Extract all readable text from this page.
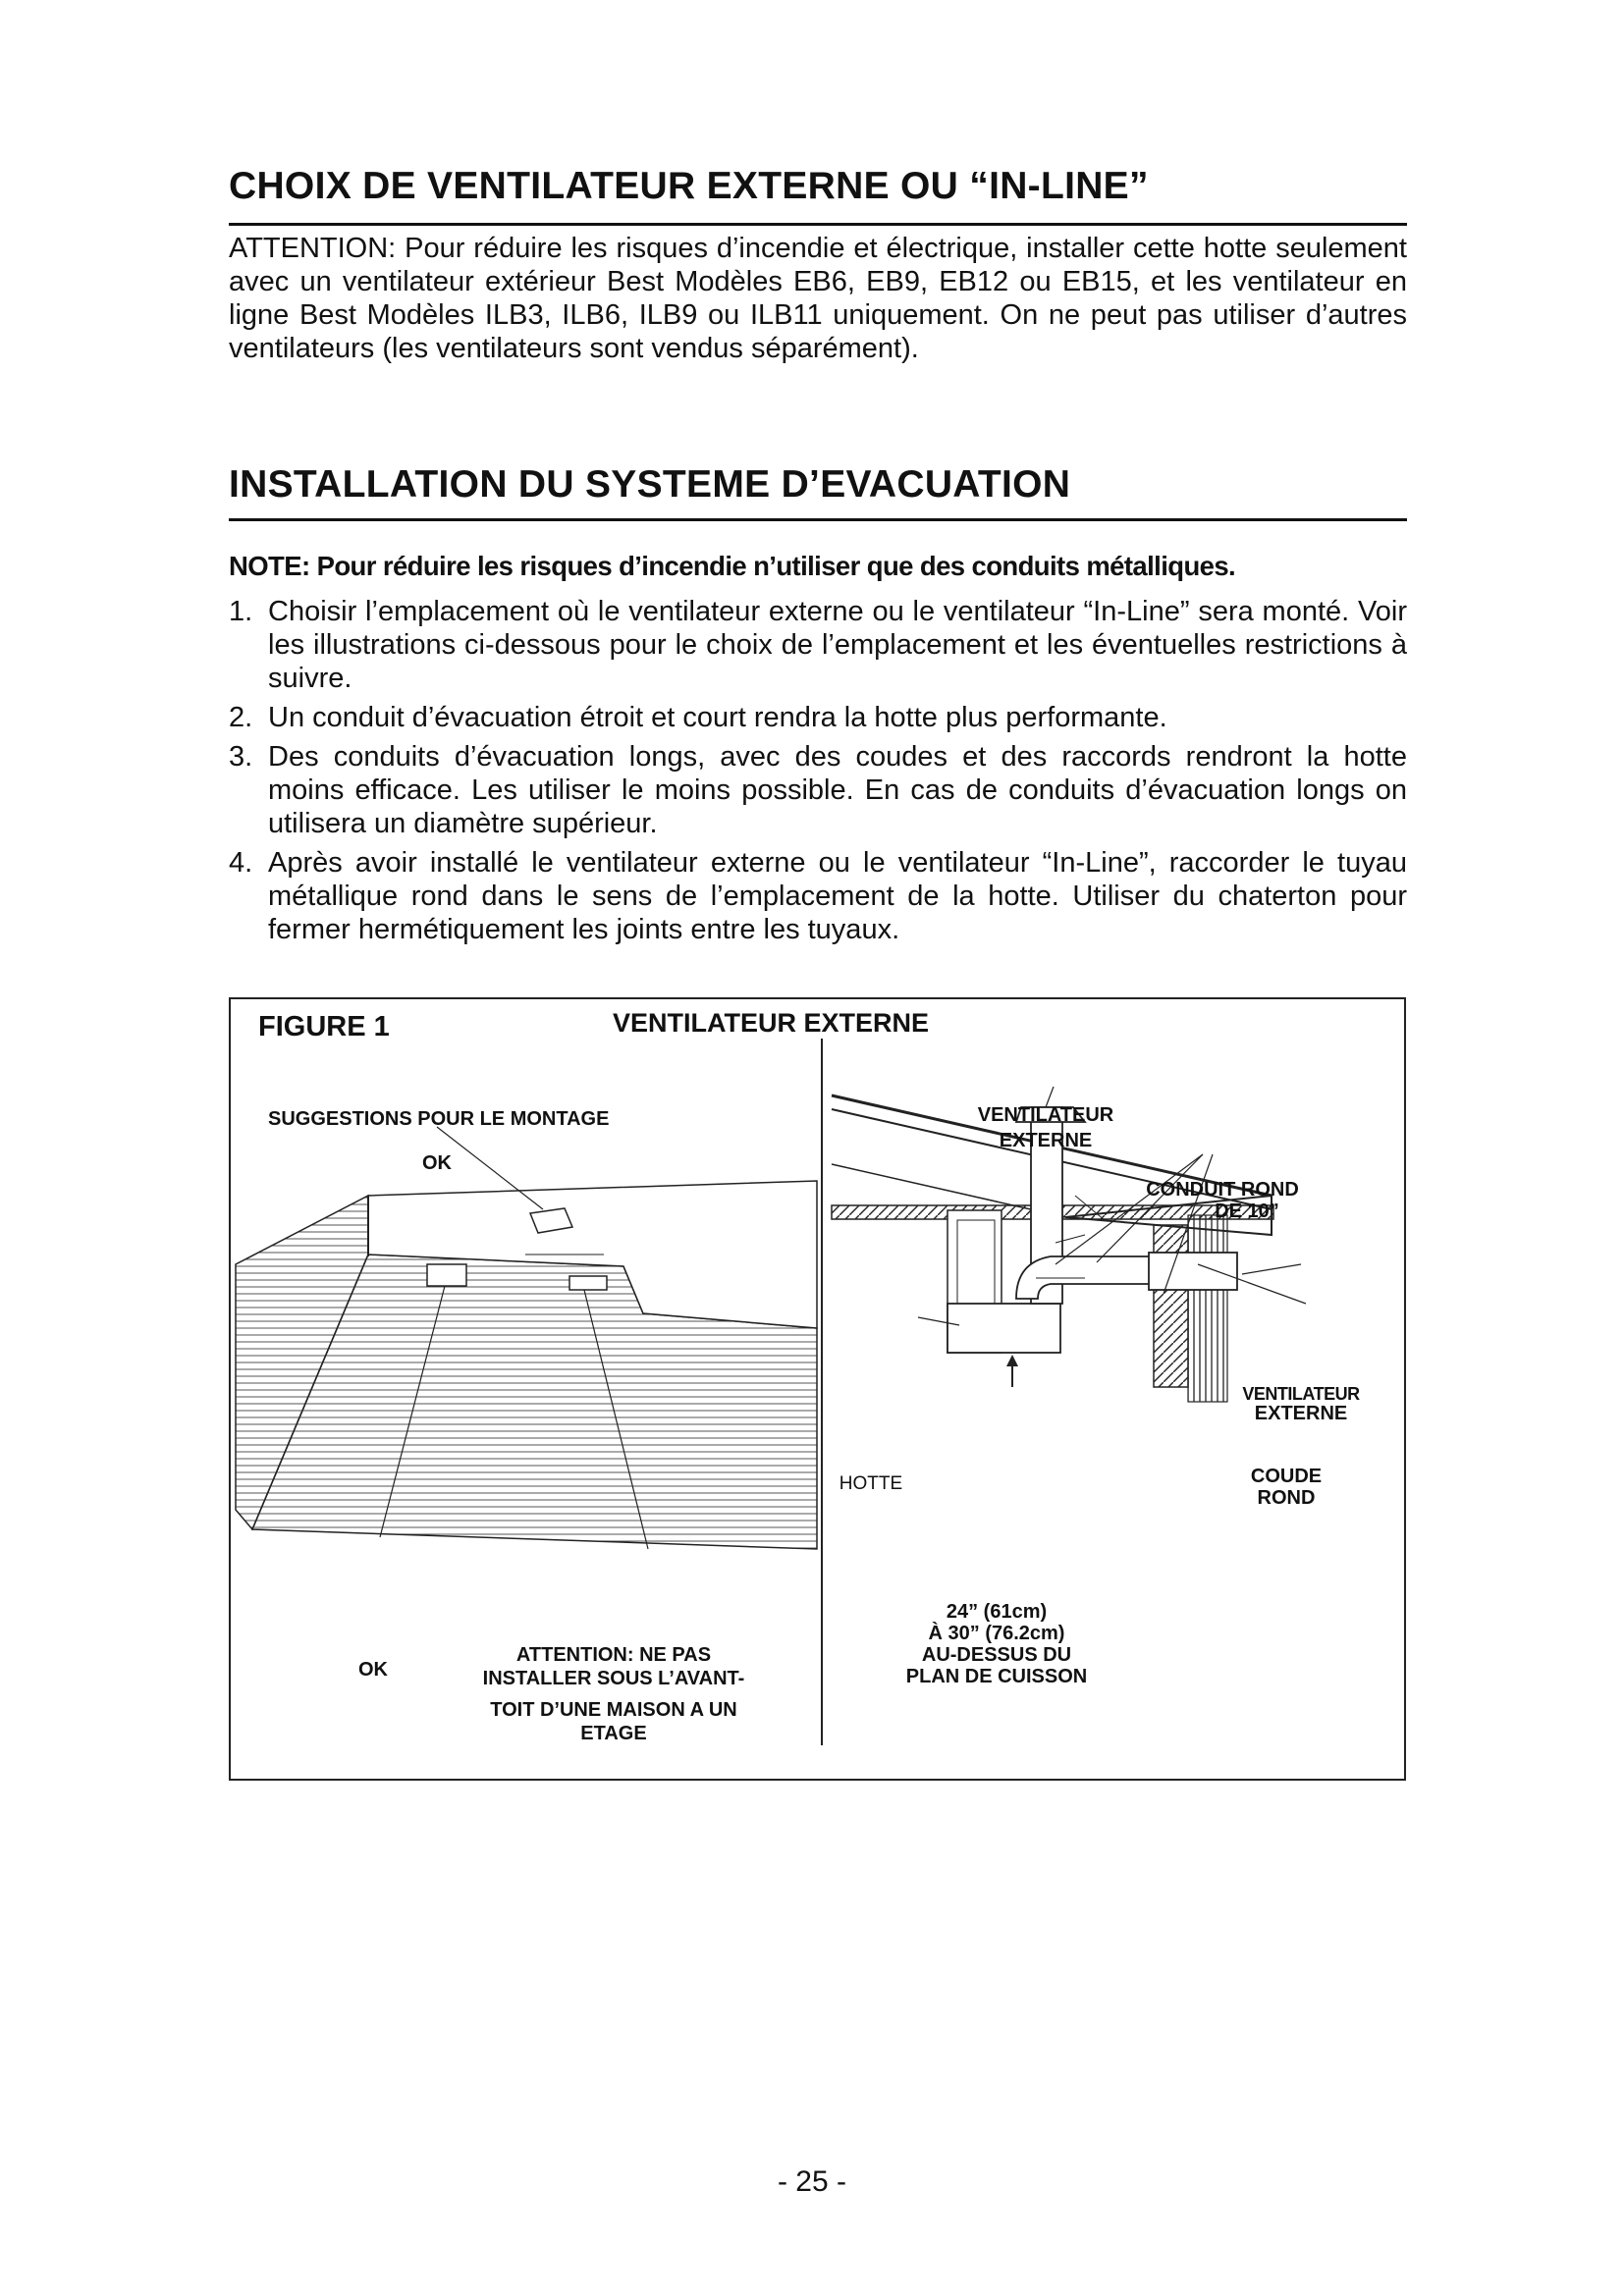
CHOIX DE VENTILATEUR EXTERNE OU “IN-LINE”

ATTENTION: Pour réduire les risques d’incendie et électrique, installer cette hotte seulement avec un ventilateur extérieur Best Modèles EB6, EB9, EB12 ou EB15, et les ventilateur en ligne Best Modèles ILB3, ILB6, ILB9 ou ILB11 uniquement. On ne peut pas utiliser d’autres ventilateurs (les ventilateurs sont vendus séparément).

INSTALLATION DU SYSTEME D’EVACUATION

NOTE: Pour réduire les risques d’incendie n’utiliser que des conduits métalliques.

1. Choisir l’emplacement où le ventilateur externe ou le ventilateur “In-Line” sera monté. Voir les illustrations ci-dessous pour le choix de l’emplacement et les éventuelles restrictions à suivre.
2. Un conduit d’évacuation étroit et court rendra la hotte plus performante.
3. Des conduits d’évacuation longs, avec des coudes et des raccords rendront la hotte moins efficace. Les utiliser le moins possible. En cas de conduits d’évacuation longs on utilisera un diamètre supérieur.
4. Après avoir installé le ventilateur externe ou le ventilateur “In-Line”, raccorder le tuyau métallique rond dans le sens de l’emplacement de la hotte. Utiliser du chaterton pour fermer hermétiquement les joints entre les tuyaux.
FIGURE 1	VENTILATEUR EXTERNE
SUGGESTIONS POUR LE MONTAGE
OK
OK
ATTENTION: NE PAS
INSTALLER SOUS L’AVANT-
TOIT D’UNE MAISON A UN
ETAGE
VENTILATEUR
EXTERNE
CONDUIT ROND
DE 10”
VENTILATEUR
EXTERNE
COUDE
ROND
HOTTE
24” (61cm)
À 30” (76.2cm)
AU-DESSUS DU
PLAN DE CUISSON
- 25 -
